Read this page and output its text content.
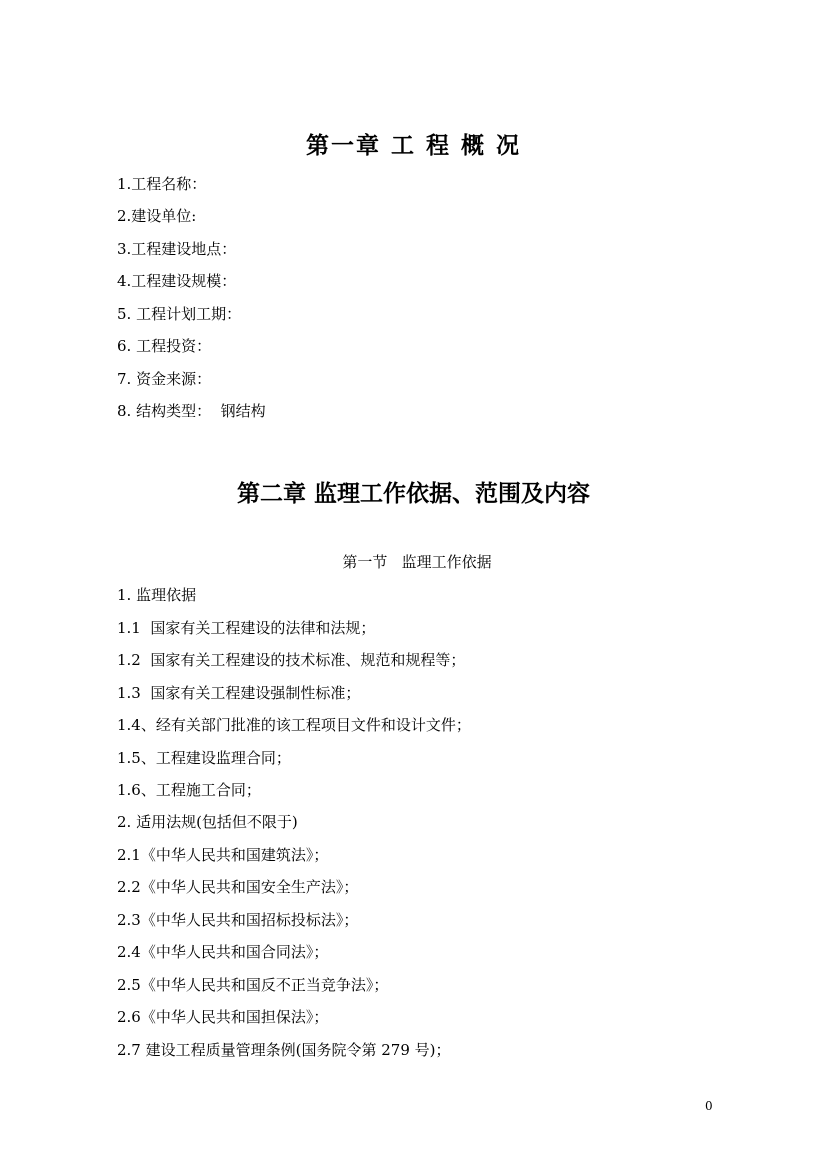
第一章 工 程 概 况
1.工程名称：
2.建设单位:
3.工程建设地点：
4.工程建设规模：
5. 工程计划工期：
6. 工程投资：
7. 资金来源：
8. 结构类型：  钢结构
第二章 监理工作依据、范围及内容
第一节   监理工作依据
1. 监理依据
1.1  国家有关工程建设的法律和法规；
1.2  国家有关工程建设的技术标准、规范和规程等；
1.3  国家有关工程建设强制性标准；
1.4、经有关部门批准的该工程项目文件和设计文件；
1.5、工程建设监理合同；
1.6、工程施工合同；
2. 适用法规(包括但不限于)
2.1《中华人民共和国建筑法》；
2.2《中华人民共和国安全生产法》；
2.3《中华人民共和国招标投标法》；
2.4《中华人民共和国合同法》；
2.5《中华人民共和国反不正当竞争法》；
2.6《中华人民共和国担保法》；
2.7 建设工程质量管理条例(国务院令第 279 号)；
0
